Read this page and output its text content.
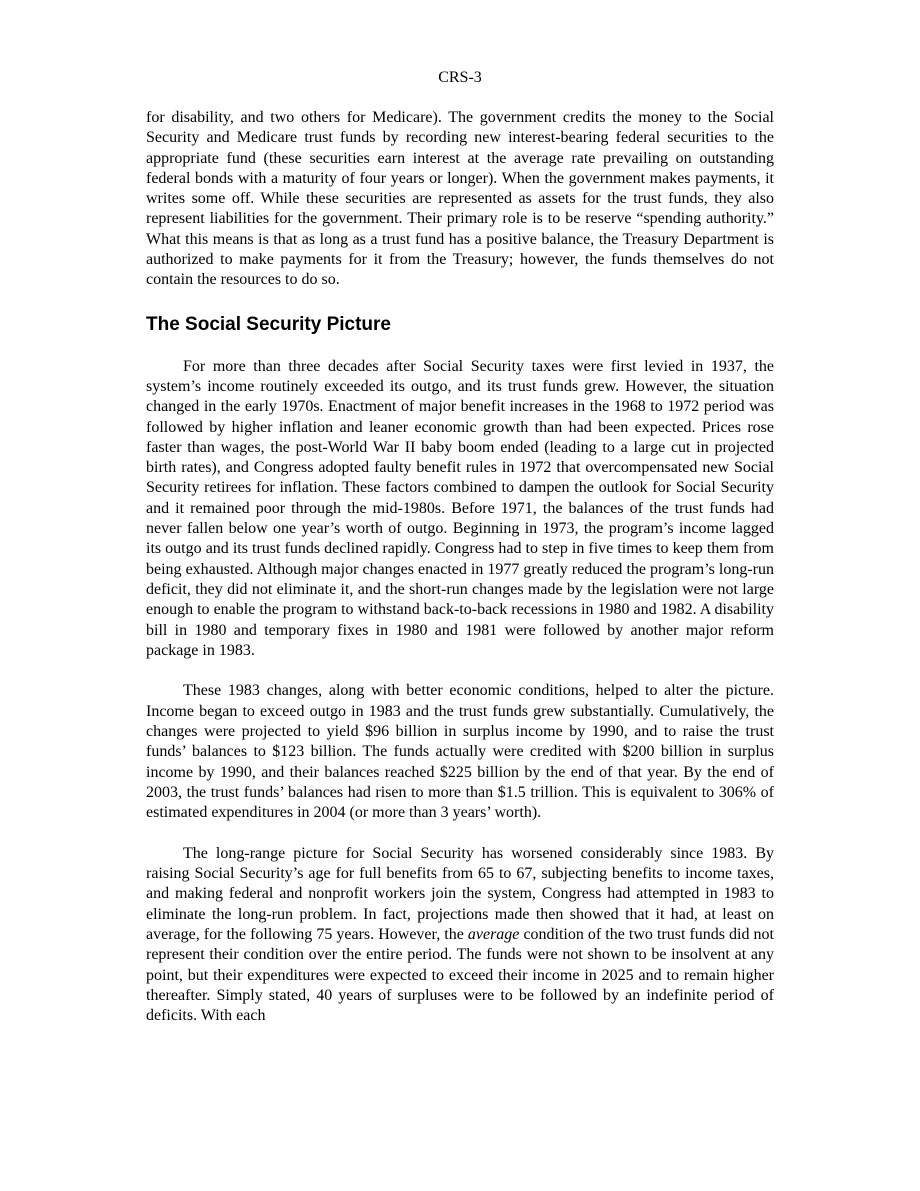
CRS-3

for disability, and two others for Medicare). The government credits the money to the Social Security and Medicare trust funds by recording new interest-bearing federal securities to the appropriate fund (these securities earn interest at the average rate prevailing on outstanding federal bonds with a maturity of four years or longer). When the government makes payments, it writes some off. While these securities are represented as assets for the trust funds, they also represent liabilities for the government. Their primary role is to be reserve “spending authority.” What this means is that as long as a trust fund has a positive balance, the Treasury Department is authorized to make payments for it from the Treasury; however, the funds themselves do not contain the resources to do so.

The Social Security Picture

For more than three decades after Social Security taxes were first levied in 1937, the system’s income routinely exceeded its outgo, and its trust funds grew. However, the situation changed in the early 1970s. Enactment of major benefit increases in the 1968 to 1972 period was followed by higher inflation and leaner economic growth than had been expected. Prices rose faster than wages, the post-World War II baby boom ended (leading to a large cut in projected birth rates), and Congress adopted faulty benefit rules in 1972 that overcompensated new Social Security retirees for inflation. These factors combined to dampen the outlook for Social Security and it remained poor through the mid-1980s. Before 1971, the balances of the trust funds had never fallen below one year’s worth of outgo. Beginning in 1973, the program’s income lagged its outgo and its trust funds declined rapidly. Congress had to step in five times to keep them from being exhausted. Although major changes enacted in 1977 greatly reduced the program’s long-run deficit, they did not eliminate it, and the short-run changes made by the legislation were not large enough to enable the program to withstand back-to-back recessions in 1980 and 1982. A disability bill in 1980 and temporary fixes in 1980 and 1981 were followed by another major reform package in 1983.

These 1983 changes, along with better economic conditions, helped to alter the picture. Income began to exceed outgo in 1983 and the trust funds grew substantially. Cumulatively, the changes were projected to yield $96 billion in surplus income by 1990, and to raise the trust funds’ balances to $123 billion. The funds actually were credited with $200 billion in surplus income by 1990, and their balances reached $225 billion by the end of that year. By the end of 2003, the trust funds’ balances had risen to more than $1.5 trillion. This is equivalent to 306% of estimated expenditures in 2004 (or more than 3 years’ worth).

The long-range picture for Social Security has worsened considerably since 1983. By raising Social Security’s age for full benefits from 65 to 67, subjecting benefits to income taxes, and making federal and nonprofit workers join the system, Congress had attempted in 1983 to eliminate the long-run problem. In fact, projections made then showed that it had, at least on average, for the following 75 years. However, the average condition of the two trust funds did not represent their condition over the entire period. The funds were not shown to be insolvent at any point, but their expenditures were expected to exceed their income in 2025 and to remain higher thereafter. Simply stated, 40 years of surpluses were to be followed by an indefinite period of deficits. With each
